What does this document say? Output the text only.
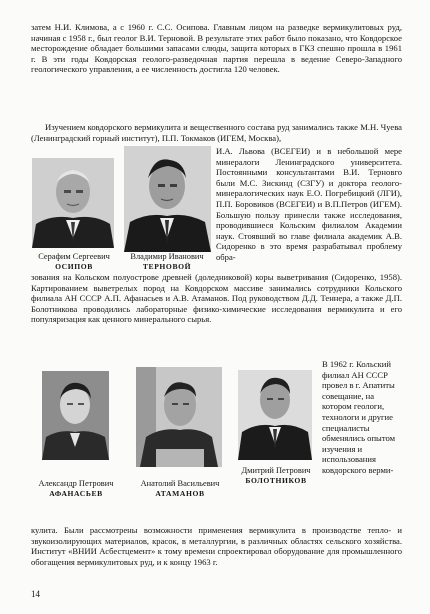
затем Н.И. Климова, а с 1960 г. С.С. Осипова. Главным лицом на разведке вермикулитовых руд, начиная с 1958 г., был геолог В.И. Терновой. В результате этих работ было показано, что Ковдорское месторождение обладает большими запасами слюды, защита которых в ГКЗ спешно прошла в 1961 г. В эти годы Ковдорская геолого-разведочная партия перешла в ведение Северо-Западного геологического управления, а ее численность достигла 120 человек.
Изучением ковдорского вермикулита и вещественного состава руд занимались также М.Н. Чуева (Ленинградский горный институт), П.П. Токмаков (ИГЕМ, Москва),
Серафим Сергеевич
ОСИПОВ
Владимир Иванович
ТЕРНОВОЙ
И.А. Львова (ВСЕГЕИ) и в небольшой мере минералоги Ленинградского университета. Постоянными консультантами В.И. Терновго были М.С. Зискинд (СЗГУ) и доктора геолого-минералогических наук Е.О. Погребицкий (ЛГИ), П.П. Боровиков (ВСЕГЕИ) и В.П.Петров (ИГЕМ). Большую пользу принесли также исследования, проводившиеся Кольским филиалом Академии наук. Стоявший во главе филиала академик А.В. Сидоренко в это время разрабатывал проблему обра-
зования на Кольском полуострове древней (доледниковой) коры выветривания (Сидоренко, 1958). Картированием выветрелых пород на Ковдорском массиве занимались сотрудники Кольского филиала АН СССР А.П. Афанасьев и А.В. Атаманов. Под руководством Д.Д. Теннера, а также Д.П. Болотникова проводились лабораторные физико-химические исследования вермикулита и его популяризация как ценного минерального сырья.
Александр Петрович
АФАНАСЬЕВ
Анатолий Васильевич
АТАМАНОВ
Дмитрий Петрович
БОЛОТНИКОВ
В 1962 г. Кольский филиал АН СССР провел в г. Апатиты совещание, на котором геологи, технологи и другие специалисты обменялись опытом изучения и использования ковдорского верми-
кулита. Были рассмотрены возможности применения вермикулита в производстве тепло- и звукоизолирующих материалов, красок, в металлургии, в различных областях сельского хозяйства. Институт «ВНИИ Асбестцемент» к тому времени спроектировал оборудование для промышленного обогащения вермикулитовых руд, и к концу 1963 г.
14
